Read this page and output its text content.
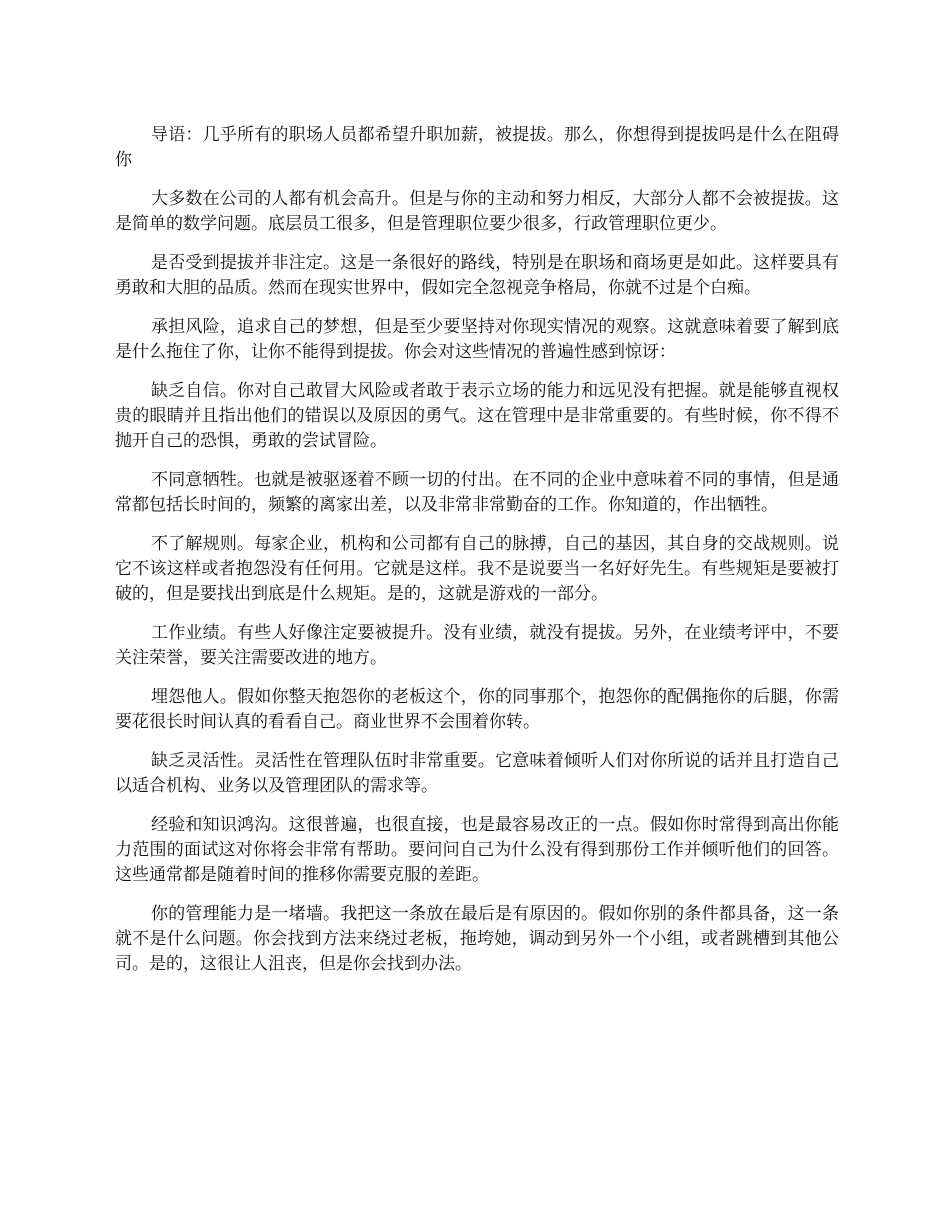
导语：几乎所有的职场人员都希望升职加薪，被提拔。那么，你想得到提拔吗是什么在阻碍你

大多数在公司的人都有机会高升。但是与你的主动和努力相反，大部分人都不会被提拔。这是简单的数学问题。底层员工很多，但是管理职位要少很多，行政管理职位更少。

是否受到提拔并非注定。这是一条很好的路线，特别是在职场和商场更是如此。这样要具有勇敢和大胆的品质。然而在现实世界中，假如完全忽视竞争格局，你就不过是个白痴。

承担风险，追求自己的梦想，但是至少要坚持对你现实情况的观察。这就意味着要了解到底是什么拖住了你，让你不能得到提拔。你会对这些情况的普遍性感到惊讶：

缺乏自信。你对自己敢冒大风险或者敢于表示立场的能力和远见没有把握。就是能够直视权贵的眼睛并且指出他们的错误以及原因的勇气。这在管理中是非常重要的。有些时候，你不得不抛开自己的恐惧，勇敢的尝试冒险。

不同意牺牲。也就是被驱逐着不顾一切的付出。在不同的企业中意味着不同的事情，但是通常都包括长时间的，频繁的离家出差，以及非常非常勤奋的工作。你知道的，作出牺牲。

不了解规则。每家企业，机构和公司都有自己的脉搏，自己的基因，其自身的交战规则。说它不该这样或者抱怨没有任何用。它就是这样。我不是说要当一名好好先生。有些规矩是要被打破的，但是要找出到底是什么规矩。是的，这就是游戏的一部分。

工作业绩。有些人好像注定要被提升。没有业绩，就没有提拔。另外，在业绩考评中，不要关注荣誉，要关注需要改进的地方。

埋怨他人。假如你整天抱怨你的老板这个，你的同事那个，抱怨你的配偶拖你的后腿，你需要花很长时间认真的看看自己。商业世界不会围着你转。

缺乏灵活性。灵活性在管理队伍时非常重要。它意味着倾听人们对你所说的话并且打造自己以适合机构、业务以及管理团队的需求等。

经验和知识鸿沟。这很普遍，也很直接，也是最容易改正的一点。假如你时常得到高出你能力范围的面试这对你将会非常有帮助。要问问自己为什么没有得到那份工作并倾听他们的回答。这些通常都是随着时间的推移你需要克服的差距。

你的管理能力是一堵墙。我把这一条放在最后是有原因的。假如你别的条件都具备，这一条就不是什么问题。你会找到方法来绕过老板，拖垮她，调动到另外一个小组，或者跳槽到其他公司。是的，这很让人沮丧，但是你会找到办法。
